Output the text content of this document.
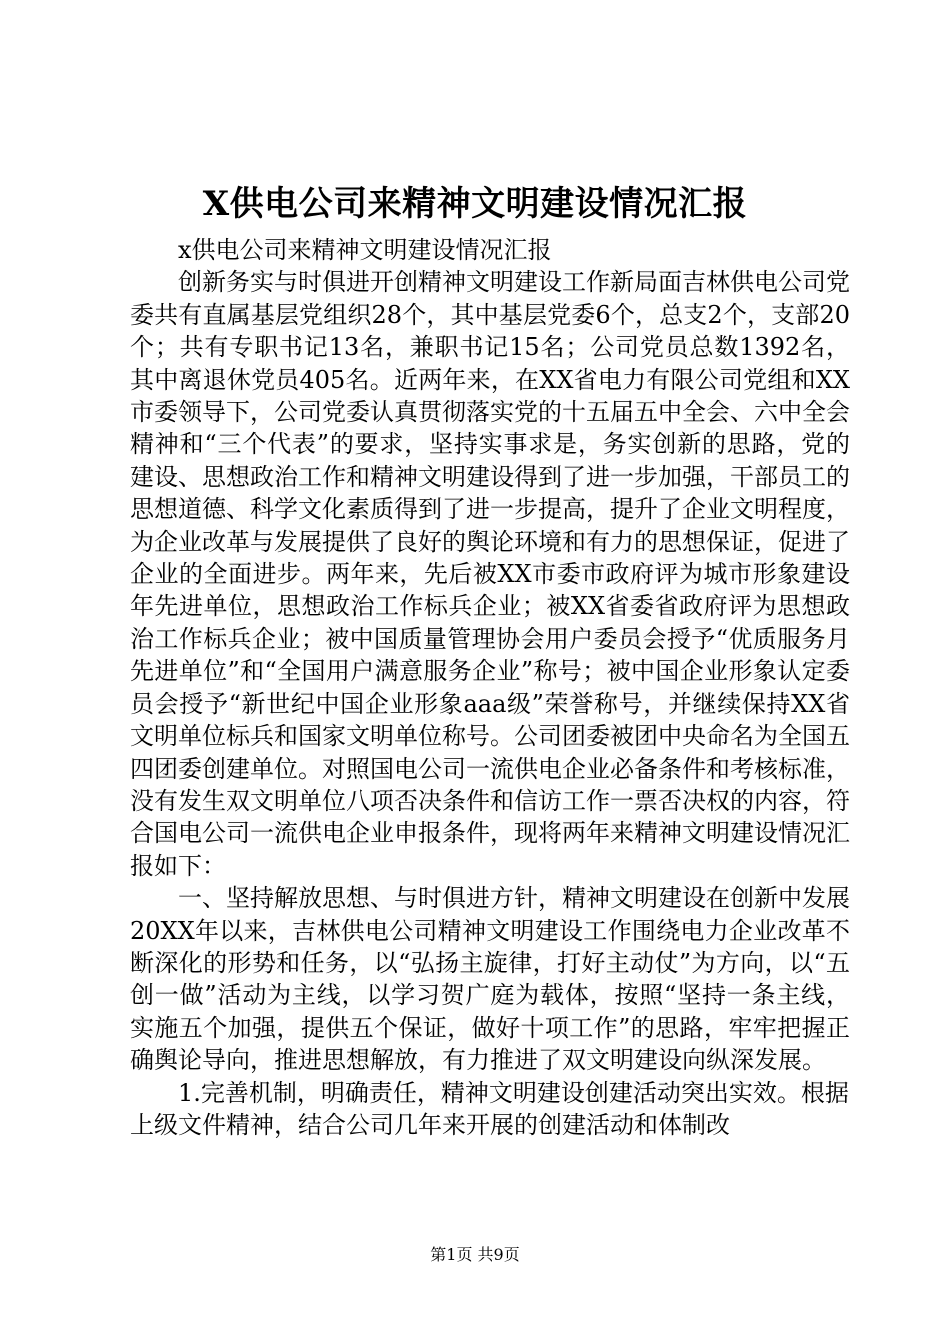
X供电公司来精神文明建设情况汇报

x供电公司来精神文明建设情况汇报

创新务实与时俱进开创精神文明建设工作新局面吉林供电公司党委共有直属基层党组织28个，其中基层党委6个，总支2个，支部20个；共有专职书记13名，兼职书记15名；公司党员总数1392名，其中离退休党员405名。近两年来，在XX省电力有限公司党组和XX市委领导下，公司党委认真贯彻落实党的十五届五中全会、六中全会精神和“三个代表”的要求，坚持实事求是，务实创新的思路，党的建设、思想政治工作和精神文明建设得到了进一步加强，干部员工的思想道德、科学文化素质得到了进一步提高，提升了企业文明程度，为企业改革与发展提供了良好的舆论环境和有力的思想保证，促进了企业的全面进步。两年来，先后被XX市委市政府评为城市形象建设年先进单位，思想政治工作标兵企业；被XX省委省政府评为思想政治工作标兵企业；被中国质量管理协会用户委员会授予“优质服务月先进单位”和“全国用户满意服务企业”称号；被中国企业形象认定委员会授予“新世纪中国企业形象aaa级”荣誉称号，并继续保持XX省文明单位标兵和国家文明单位称号。公司团委被团中央命名为全国五四团委创建单位。对照国电公司一流供电企业必备条件和考核标准，没有发生双文明单位八项否决条件和信访工作一票否决权的内容，符合国电公司一流供电企业申报条件，现将两年来精神文明建设情况汇报如下：

一、坚持解放思想、与时俱进方针，精神文明建设在创新中发展20XX年以来，吉林供电公司精神文明建设工作围绕电力企业改革不断深化的形势和任务，以“弘扬主旋律，打好主动仗”为方向，以“五创一做”活动为主线，以学习贺广庭为载体，按照“坚持一条主线，实施五个加强，提供五个保证，做好十项工作”的思路，牢牢把握正确舆论导向，推进思想解放，有力推进了双文明建设向纵深发展。

1.完善机制，明确责任，精神文明建设创建活动突出实效。根据上级文件精神，结合公司几年来开展的创建活动和体制改

第1页 共9页
